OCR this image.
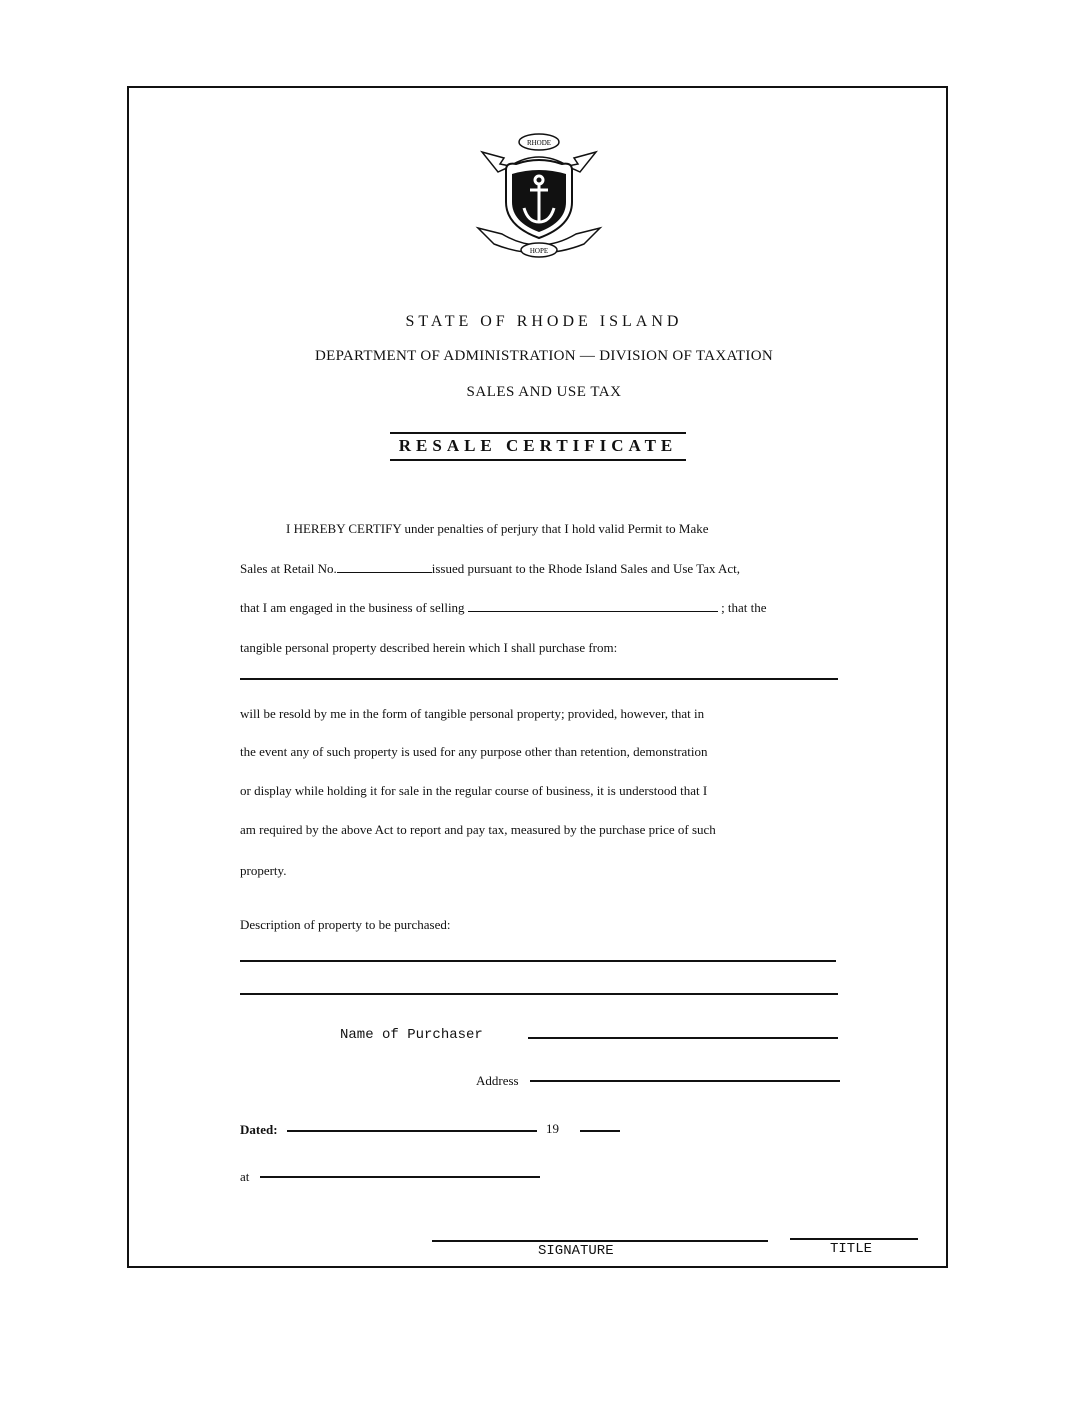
RHODE
HOPE
STATE OF RHODE ISLAND
DEPARTMENT OF ADMINISTRATION — DIVISION OF TAXATION
SALES AND USE TAX
RESALE CERTIFICATE
I HEREBY CERTIFY under penalties of perjury that I hold valid Permit to Make
Sales at Retail No.	issued pursuant to the Rhode Island Sales and Use Tax Act,
that I am engaged in the business of selling	; that the
tangible personal property described herein which I shall purchase from:
will be resold by me in the form of tangible personal property; provided, however, that in
the event any of such property is used for any purpose other than retention, demonstration
or display while holding it for sale in the regular course of business, it is understood that I
am required by the above Act to report and pay tax, measured by the purchase price of such
property.
Description of property to be purchased:
Name of Purchaser
Address
Dated:	19
at
SIGNATURE	TITLE
